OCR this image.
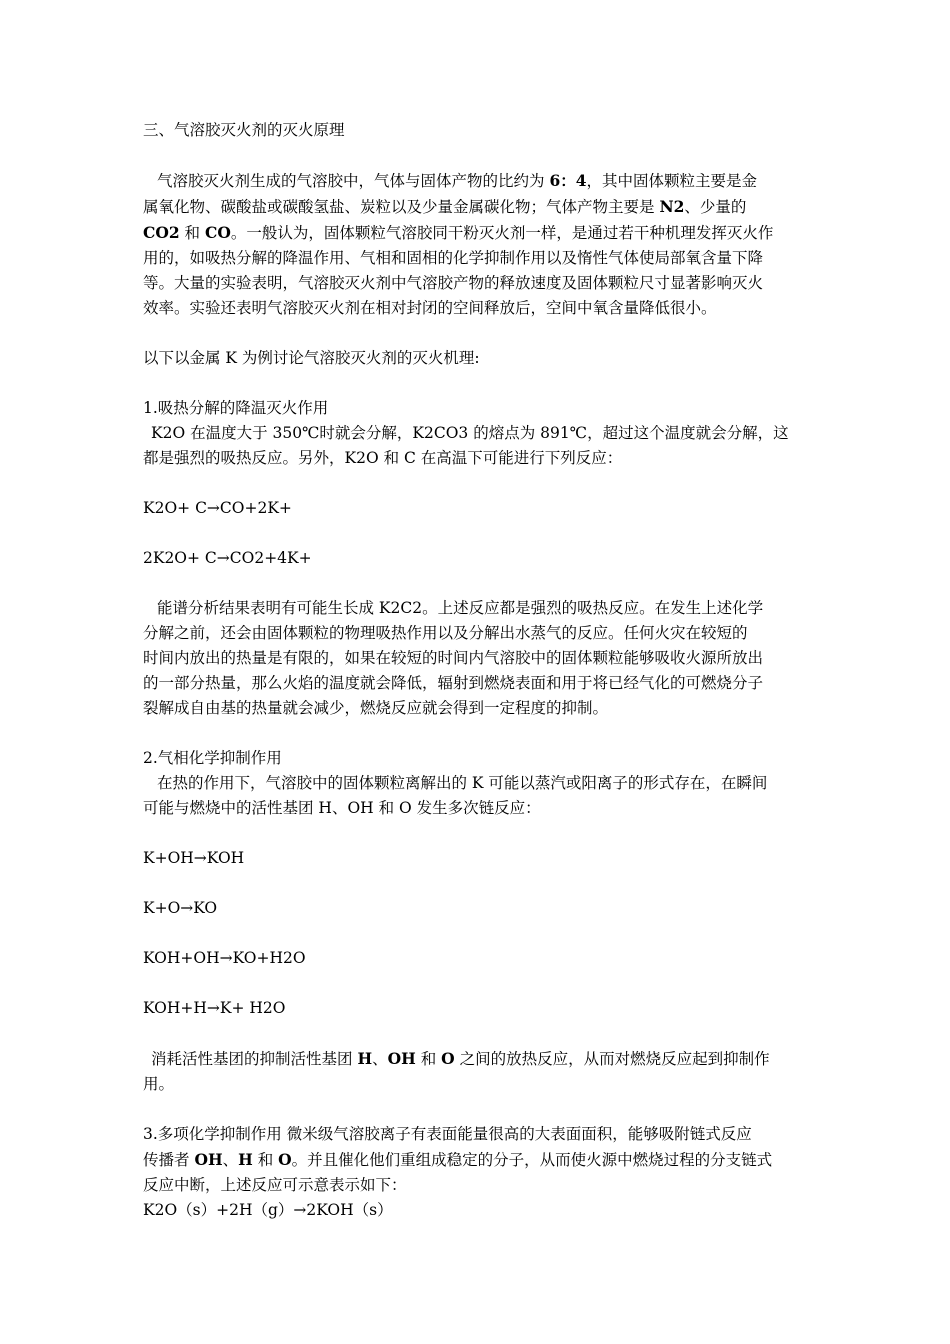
三、气溶胶灭火剂的灭火原理
气溶胶灭火剂生成的气溶胶中，气体与固体产物的比约为 6：4，其中固体颗粒主要是金
属氧化物、碳酸盐或碳酸氢盐、炭粒以及少量金属碳化物；气体产物主要是 N2、少量的
CO2 和 CO。一般认为，固体颗粒气溶胶同干粉灭火剂一样，是通过若干种机理发挥灭火作
用的，如吸热分解的降温作用、气相和固相的化学抑制作用以及惰性气体使局部氧含量下降
等。大量的实验表明，气溶胶灭火剂中气溶胶产物的释放速度及固体颗粒尺寸显著影响灭火
效率。实验还表明气溶胶灭火剂在相对封闭的空间释放后，空间中氧含量降低很小。
以下以金属 K 为例讨论气溶胶灭火剂的灭火机理:
1.吸热分解的降温灭火作用
K2O 在温度大于 350℃时就会分解，K2CO3 的熔点为 891℃，超过这个温度就会分解，这
都是强烈的吸热反应。另外，K2O 和 C 在高温下可能进行下列反应：
K2O+ C→CO+2K+
2K2O+ C→CO2+4K+
能谱分析结果表明有可能生长成 K2C2。上述反应都是强烈的吸热反应。在发生上述化学
分解之前，还会由固体颗粒的物理吸热作用以及分解出水蒸气的反应。任何火灾在较短的
时间内放出的热量是有限的，如果在较短的时间内气溶胶中的固体颗粒能够吸收火源所放出
的一部分热量，那么火焰的温度就会降低，辐射到燃烧表面和用于将已经气化的可燃烧分子
裂解成自由基的热量就会减少，燃烧反应就会得到一定程度的抑制。
2.气相化学抑制作用
在热的作用下，气溶胶中的固体颗粒离解出的 K 可能以蒸汽或阳离子的形式存在，在瞬间
可能与燃烧中的活性基团 H、OH 和 O 发生多次链反应：
K+OH→KOH
K+O→KO
KOH+OH→KO+H2O
KOH+H→K+ H2O
消耗活性基团的抑制活性基团 H、OH 和 O 之间的放热反应，从而对燃烧反应起到抑制作
用。
3.多项化学抑制作用 微米级气溶胶离子有表面能量很高的大表面面积，能够吸附链式反应
传播者 OH、H 和 O。并且催化他们重组成稳定的分子，从而使火源中燃烧过程的分支链式
反应中断，上述反应可示意表示如下：
K2O（s）+2H（g）→2KOH（s）
